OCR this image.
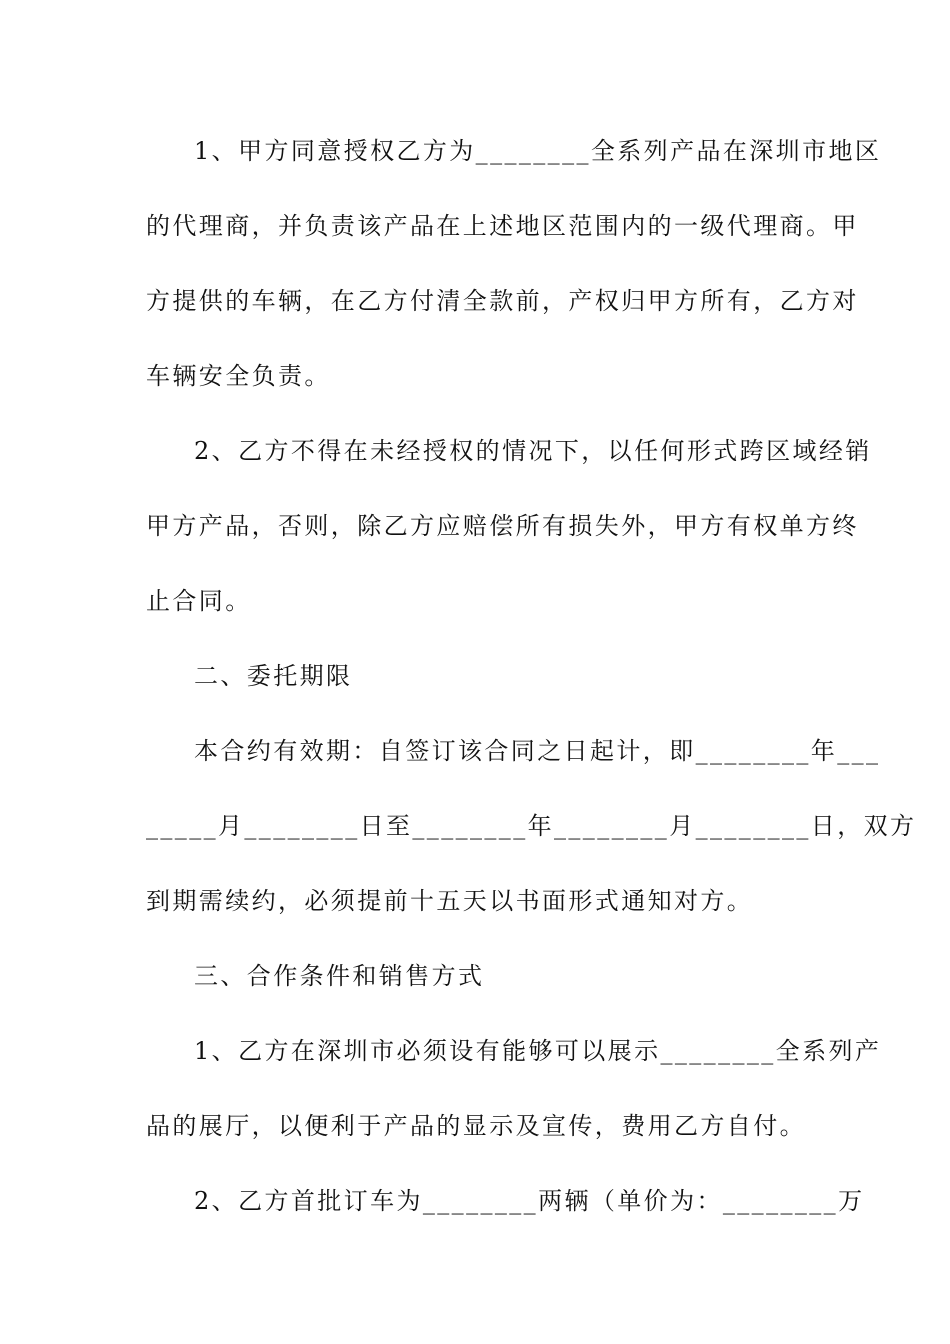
1、甲方同意授权乙方为________全系列产品在深圳市地区
的代理商，并负责该产品在上述地区范围内的一级代理商。甲
方提供的车辆，在乙方付清全款前，产权归甲方所有，乙方对
车辆安全负责。
2、乙方不得在未经授权的情况下，以任何形式跨区域经销
甲方产品，否则，除乙方应赔偿所有损失外，甲方有权单方终
止合同。
二、委托期限
本合约有效期：自签订该合同之日起计，即________年___
_____月________日至________年________月________日，双方
到期需续约，必须提前十五天以书面形式通知对方。
三、合作条件和销售方式
1、乙方在深圳市必须设有能够可以展示________全系列产
品的展厅，以便利于产品的显示及宣传，费用乙方自付。
2、乙方首批订车为________两辆（单价为：________万
